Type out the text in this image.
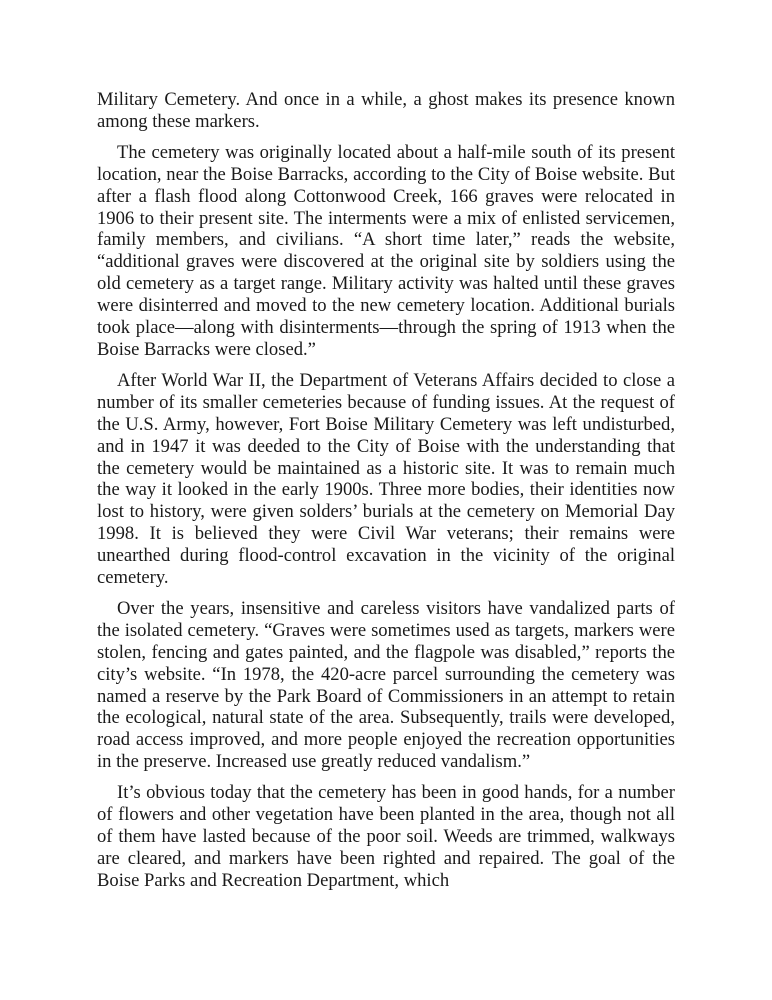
Military Cemetery. And once in a while, a ghost makes its presence known among these markers.

The cemetery was originally located about a half-mile south of its present location, near the Boise Barracks, according to the City of Boise website. But after a flash flood along Cottonwood Creek, 166 graves were relocated in 1906 to their present site. The interments were a mix of enlisted servicemen, family members, and civilians. “A short time later,” reads the website, “additional graves were discovered at the original site by soldiers using the old cemetery as a target range. Military activity was halted until these graves were disinterred and moved to the new cemetery location. Additional burials took place—along with disinterments—through the spring of 1913 when the Boise Barracks were closed.”

After World War II, the Department of Veterans Affairs decided to close a number of its smaller cemeteries because of funding issues. At the request of the U.S. Army, however, Fort Boise Military Cemetery was left undisturbed, and in 1947 it was deeded to the City of Boise with the understanding that the cemetery would be maintained as a historic site. It was to remain much the way it looked in the early 1900s. Three more bodies, their identities now lost to history, were given solders’ burials at the cemetery on Memorial Day 1998. It is believed they were Civil War veterans; their remains were unearthed during flood-control excavation in the vicinity of the original cemetery.

Over the years, insensitive and careless visitors have vandalized parts of the isolated cemetery. “Graves were sometimes used as targets, markers were stolen, fencing and gates painted, and the flagpole was disabled,” reports the city’s website. “In 1978, the 420-acre parcel surrounding the cemetery was named a reserve by the Park Board of Commissioners in an attempt to retain the ecological, natural state of the area. Subsequently, trails were developed, road access improved, and more people enjoyed the recreation opportunities in the preserve. Increased use greatly reduced vandalism.”

It’s obvious today that the cemetery has been in good hands, for a number of flowers and other vegetation have been planted in the area, though not all of them have lasted because of the poor soil. Weeds are trimmed, walkways are cleared, and markers have been righted and repaired. The goal of the Boise Parks and Recreation Department, which
